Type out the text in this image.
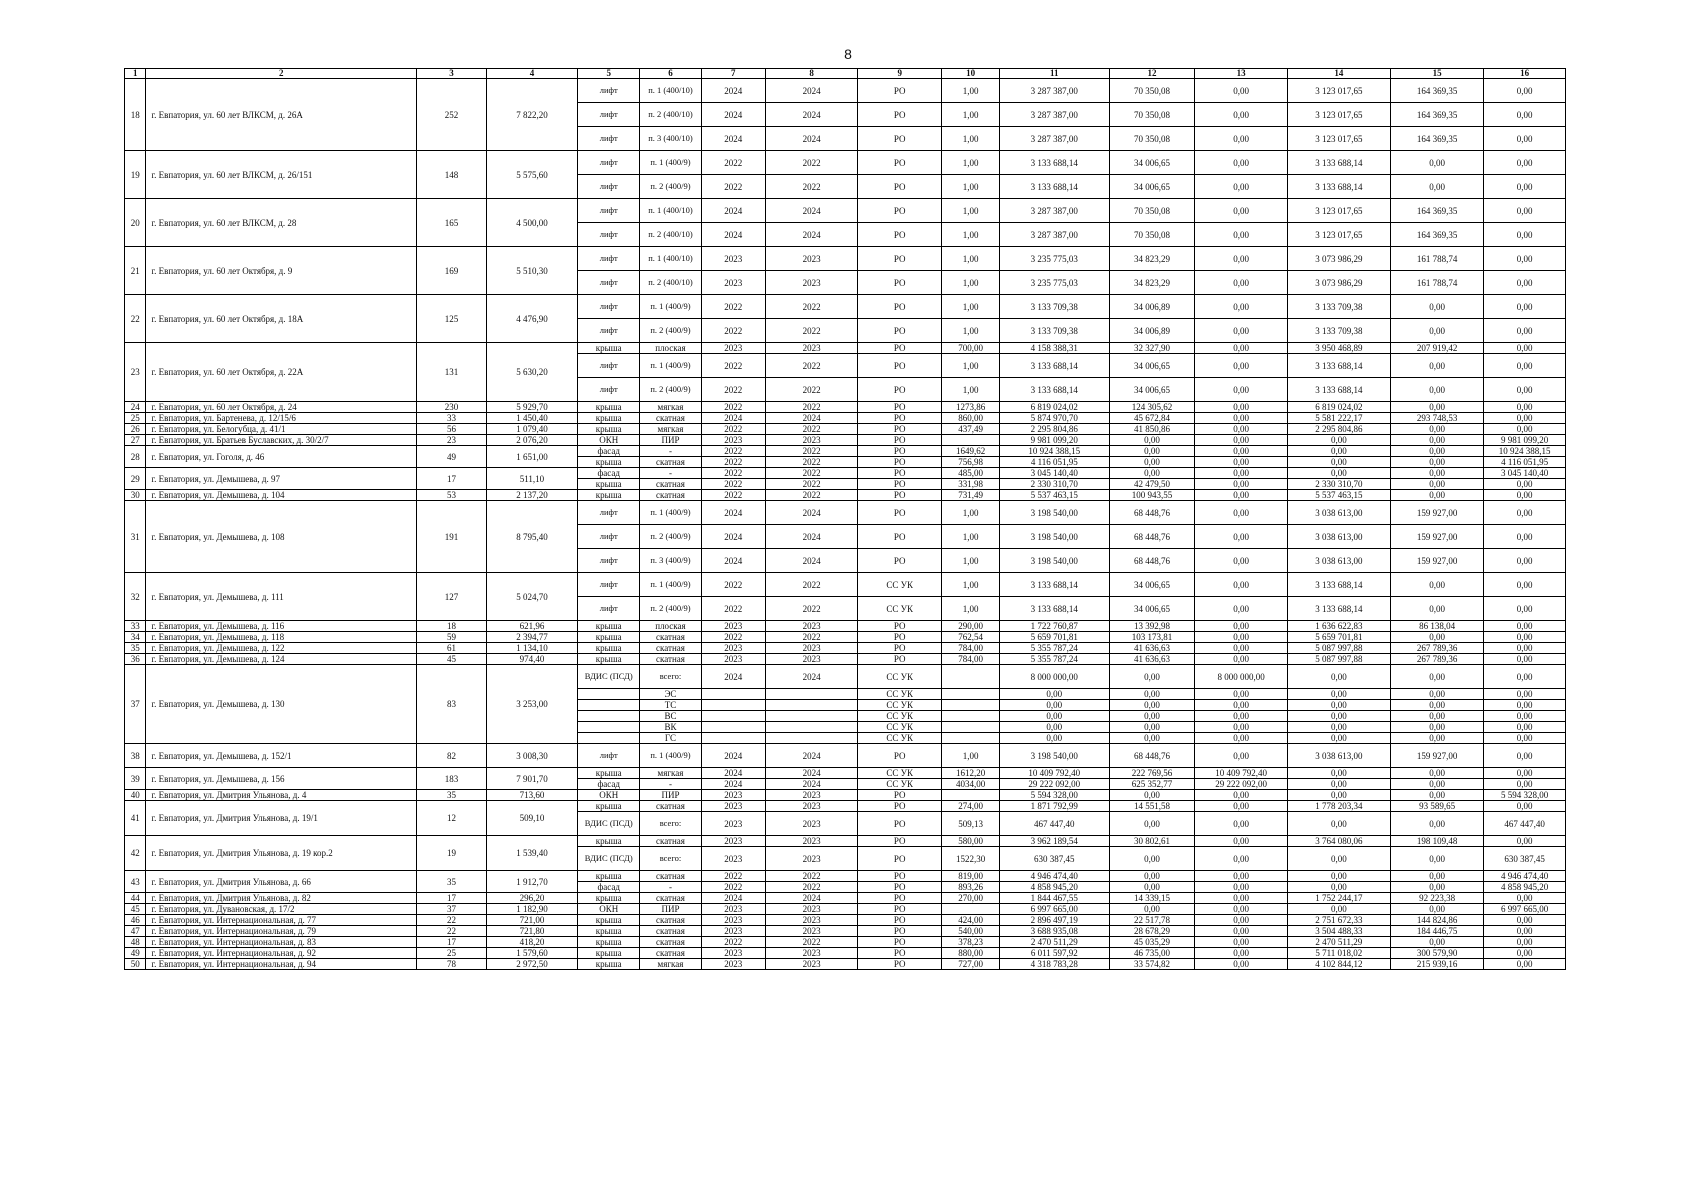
8
1	2	3	4	5	6	7	8	9	10	11	12	13	14	15	16
18	г. Евпатория, ул. 60 лет ВЛКСМ, д. 26А	252	7 822,20	лифт	п. 1 (400/10)	2024	2024	РО	1,00	3 287 387,00	70 350,08	0,00	3 123 017,65	164 369,35	0,00
				лифт	п. 2 (400/10)	2024	2024	РО	1,00	3 287 387,00	70 350,08	0,00	3 123 017,65	164 369,35	0,00
				лифт	п. 3 (400/10)	2024	2024	РО	1,00	3 287 387,00	70 350,08	0,00	3 123 017,65	164 369,35	0,00
19	г. Евпатория, ул. 60 лет ВЛКСМ, д. 26/151	148	5 575,60	лифт	п. 1 (400/9)	2022	2022	РО	1,00	3 133 688,14	34 006,65	0,00	3 133 688,14	0,00	0,00
				лифт	п. 2 (400/9)	2022	2022	РО	1,00	3 133 688,14	34 006,65	0,00	3 133 688,14	0,00	0,00
20	г. Евпатория, ул. 60 лет ВЛКСМ, д. 28	165	4 500,00	лифт	п. 1 (400/10)	2024	2024	РО	1,00	3 287 387,00	70 350,08	0,00	3 123 017,65	164 369,35	0,00
				лифт	п. 2 (400/10)	2024	2024	РО	1,00	3 287 387,00	70 350,08	0,00	3 123 017,65	164 369,35	0,00
21	г. Евпатория, ул. 60 лет Октября, д. 9	169	5 510,30	лифт	п. 1 (400/10)	2023	2023	РО	1,00	3 235 775,03	34 823,29	0,00	3 073 986,29	161 788,74	0,00
				лифт	п. 2 (400/10)	2023	2023	РО	1,00	3 235 775,03	34 823,29	0,00	3 073 986,29	161 788,74	0,00
22	г. Евпатория, ул. 60 лет Октября, д. 18А	125	4 476,90	лифт	п. 1 (400/9)	2022	2022	РО	1,00	3 133 709,38	34 006,89	0,00	3 133 709,38	0,00	0,00
				лифт	п. 2 (400/9)	2022	2022	РО	1,00	3 133 709,38	34 006,89	0,00	3 133 709,38	0,00	0,00
23	г. Евпатория, ул. 60 лет Октября, д. 22А	131	5 630,20	крыша	плоская	2023	2023	РО	700,00	4 158 388,31	32 327,90	0,00	3 950 468,89	207 919,42	0,00
				лифт	п. 1 (400/9)	2022	2022	РО	1,00	3 133 688,14	34 006,65	0,00	3 133 688,14	0,00	0,00
				лифт	п. 2 (400/9)	2022	2022	РО	1,00	3 133 688,14	34 006,65	0,00	3 133 688,14	0,00	0,00
24	г. Евпатория, ул. 60 лет Октября, д. 24	230	5 929,70	крыша	мягкая	2022	2022	РО	1273,86	6 819 024,02	124 305,62	0,00	6 819 024,02	0,00	0,00
25	г. Евпатория, ул. Бартенева, д. 12/15/6	33	1 450,40	крыша	скатная	2024	2024	РО	860,00	5 874 970,70	45 672,84	0,00	5 581 222,17	293 748,53	0,00
26	г. Евпатория, ул. Белогубца, д. 41/1	56	1 079,40	крыша	мягкая	2022	2022	РО	437,49	2 295 804,86	41 850,86	0,00	2 295 804,86	0,00	0,00
27	г. Евпатория, ул. Братьев Буславских, д. 30/2/7	23	2 076,20	ОКН	ПИР	2023	2023	РО		9 981 099,20	0,00	0,00	0,00	0,00	9 981 099,20
28	г. Евпатория, ул. Гоголя, д. 46	49	1 651,00	фасад	-	2022	2022	РО	1649,62	10 924 388,15	0,00	0,00	0,00	0,00	10 924 388,15
				крыша	скатная	2022	2022	РО	756,98	4 116 051,95	0,00	0,00	0,00	0,00	4 116 051,95
29	г. Евпатория, ул. Демышева, д. 97	17	511,10	фасад	-	2022	2022	РО	485,00	3 045 140,40	0,00	0,00	0,00	0,00	3 045 140,40
				крыша	скатная	2022	2022	РО	331,98	2 330 310,70	42 479,50	0,00	2 330 310,70	0,00	0,00
30	г. Евпатория, ул. Демышева, д. 104	53	2 137,20	крыша	скатная	2022	2022	РО	731,49	5 537 463,15	100 943,55	0,00	5 537 463,15	0,00	0,00
31	г. Евпатория, ул. Демышева, д. 108	191	8 795,40	лифт	п. 1 (400/9)	2024	2024	РО	1,00	3 198 540,00	68 448,76	0,00	3 038 613,00	159 927,00	0,00
				лифт	п. 2 (400/9)	2024	2024	РО	1,00	3 198 540,00	68 448,76	0,00	3 038 613,00	159 927,00	0,00
				лифт	п. 3 (400/9)	2024	2024	РО	1,00	3 198 540,00	68 448,76	0,00	3 038 613,00	159 927,00	0,00
32	г. Евпатория, ул. Демышева, д. 111	127	5 024,70	лифт	п. 1 (400/9)	2022	2022	СС УК	1,00	3 133 688,14	34 006,65	0,00	3 133 688,14	0,00	0,00
				лифт	п. 2 (400/9)	2022	2022	СС УК	1,00	3 133 688,14	34 006,65	0,00	3 133 688,14	0,00	0,00
33	г. Евпатория, ул. Демышева, д. 116	18	621,96	крыша	плоская	2023	2023	РО	290,00	1 722 760,87	13 392,98	0,00	1 636 622,83	86 138,04	0,00
34	г. Евпатория, ул. Демышева, д. 118	59	2 394,77	крыша	скатная	2022	2022	РО	762,54	5 659 701,81	103 173,81	0,00	5 659 701,81	0,00	0,00
35	г. Евпатория, ул. Демышева, д. 122	61	1 134,10	крыша	скатная	2023	2023	РО	784,00	5 355 787,24	41 636,63	0,00	5 087 997,88	267 789,36	0,00
36	г. Евпатория, ул. Демышева, д. 124	45	974,40	крыша	скатная	2023	2023	РО	784,00	5 355 787,24	41 636,63	0,00	5 087 997,88	267 789,36	0,00
37	г. Евпатория, ул. Демышева, д. 130	83	3 253,00	ВДИС (ПСД)	всего:	2024	2024	СС УК		8 000 000,00	0,00	8 000 000,00	0,00	0,00	0,00
					ЭС			СС УК		0,00	0,00	0,00	0,00	0,00	0,00
					ТС			СС УК		0,00	0,00	0,00	0,00	0,00	0,00
					ВС			СС УК		0,00	0,00	0,00	0,00	0,00	0,00
					ВК			СС УК		0,00	0,00	0,00	0,00	0,00	0,00
					ГС			СС УК		0,00	0,00	0,00	0,00	0,00	0,00
38	г. Евпатория, ул. Демышева, д. 152/1	82	3 008,30	лифт	п. 1 (400/9)	2024	2024	РО	1,00	3 198 540,00	68 448,76	0,00	3 038 613,00	159 927,00	0,00
39	г. Евпатория, ул. Демышева, д. 156	183	7 901,70	крыша	мягкая	2024	2024	СС УК	1612,20	10 409 792,40	222 769,56	10 409 792,40	0,00	0,00	0,00
				фасад	-	2024	2024	СС УК	4034,00	29 222 092,00	625 352,77	29 222 092,00	0,00	0,00	0,00
40	г. Евпатория, ул. Дмитрия Ульянова, д. 4	35	713,60	ОКН	ПИР	2023	2023	РО		5 594 328,00	0,00	0,00	0,00	0,00	5 594 328,00
41	г. Евпатория, ул. Дмитрия Ульянова, д. 19/1	12	509,10	крыша	скатная	2023	2023	РО	274,00	1 871 792,99	14 551,58	0,00	1 778 203,34	93 589,65	0,00
				ВДИС (ПСД)	всего:	2023	2023	РО	509,13	467 447,40	0,00	0,00	0,00	0,00	467 447,40
42	г. Евпатория, ул. Дмитрия Ульянова, д. 19 кор.2	19	1 539,40	крыша	скатная	2023	2023	РО	580,00	3 962 189,54	30 802,61	0,00	3 764 080,06	198 109,48	0,00
				ВДИС (ПСД)	всего:	2023	2023	РО	1522,30	630 387,45	0,00	0,00	0,00	0,00	630 387,45
43	г. Евпатория, ул. Дмитрия Ульянова, д. 66	35	1 912,70	крыша	скатная	2022	2022	РО	819,00	4 946 474,40	0,00	0,00	0,00	0,00	4 946 474,40
				фасад	-	2022	2022	РО	893,26	4 858 945,20	0,00	0,00	0,00	0,00	4 858 945,20
44	г. Евпатория, ул. Дмитрия Ульянова, д. 82	17	296,20	крыша	скатная	2024	2024	РО	270,00	1 844 467,55	14 339,15	0,00	1 752 244,17	92 223,38	0,00
45	г. Евпатория, ул. Дувановская, д. 17/2	37	1 182,90	ОКН	ПИР	2023	2023	РО		6 997 665,00	0,00	0,00	0,00	0,00	6 997 665,00
46	г. Евпатория, ул. Интернациональная, д. 77	22	721,00	крыша	скатная	2023	2023	РО	424,00	2 896 497,19	22 517,78	0,00	2 751 672,33	144 824,86	0,00
47	г. Евпатория, ул. Интернациональная, д. 79	22	721,80	крыша	скатная	2023	2023	РО	540,00	3 688 935,08	28 678,29	0,00	3 504 488,33	184 446,75	0,00
48	г. Евпатория, ул. Интернациональная, д. 83	17	418,20	крыша	скатная	2022	2022	РО	378,23	2 470 511,29	45 035,29	0,00	2 470 511,29	0,00	0,00
49	г. Евпатория, ул. Интернациональная, д. 92	25	1 579,60	крыша	скатная	2023	2023	РО	880,00	6 011 597,92	46 735,00	0,00	5 711 018,02	300 579,90	0,00
50	г. Евпатория, ул. Интернациональная, д. 94	78	2 972,50	крыша	мягкая	2023	2023	РО	727,00	4 318 783,28	33 574,82	0,00	4 102 844,12	215 939,16	0,00
